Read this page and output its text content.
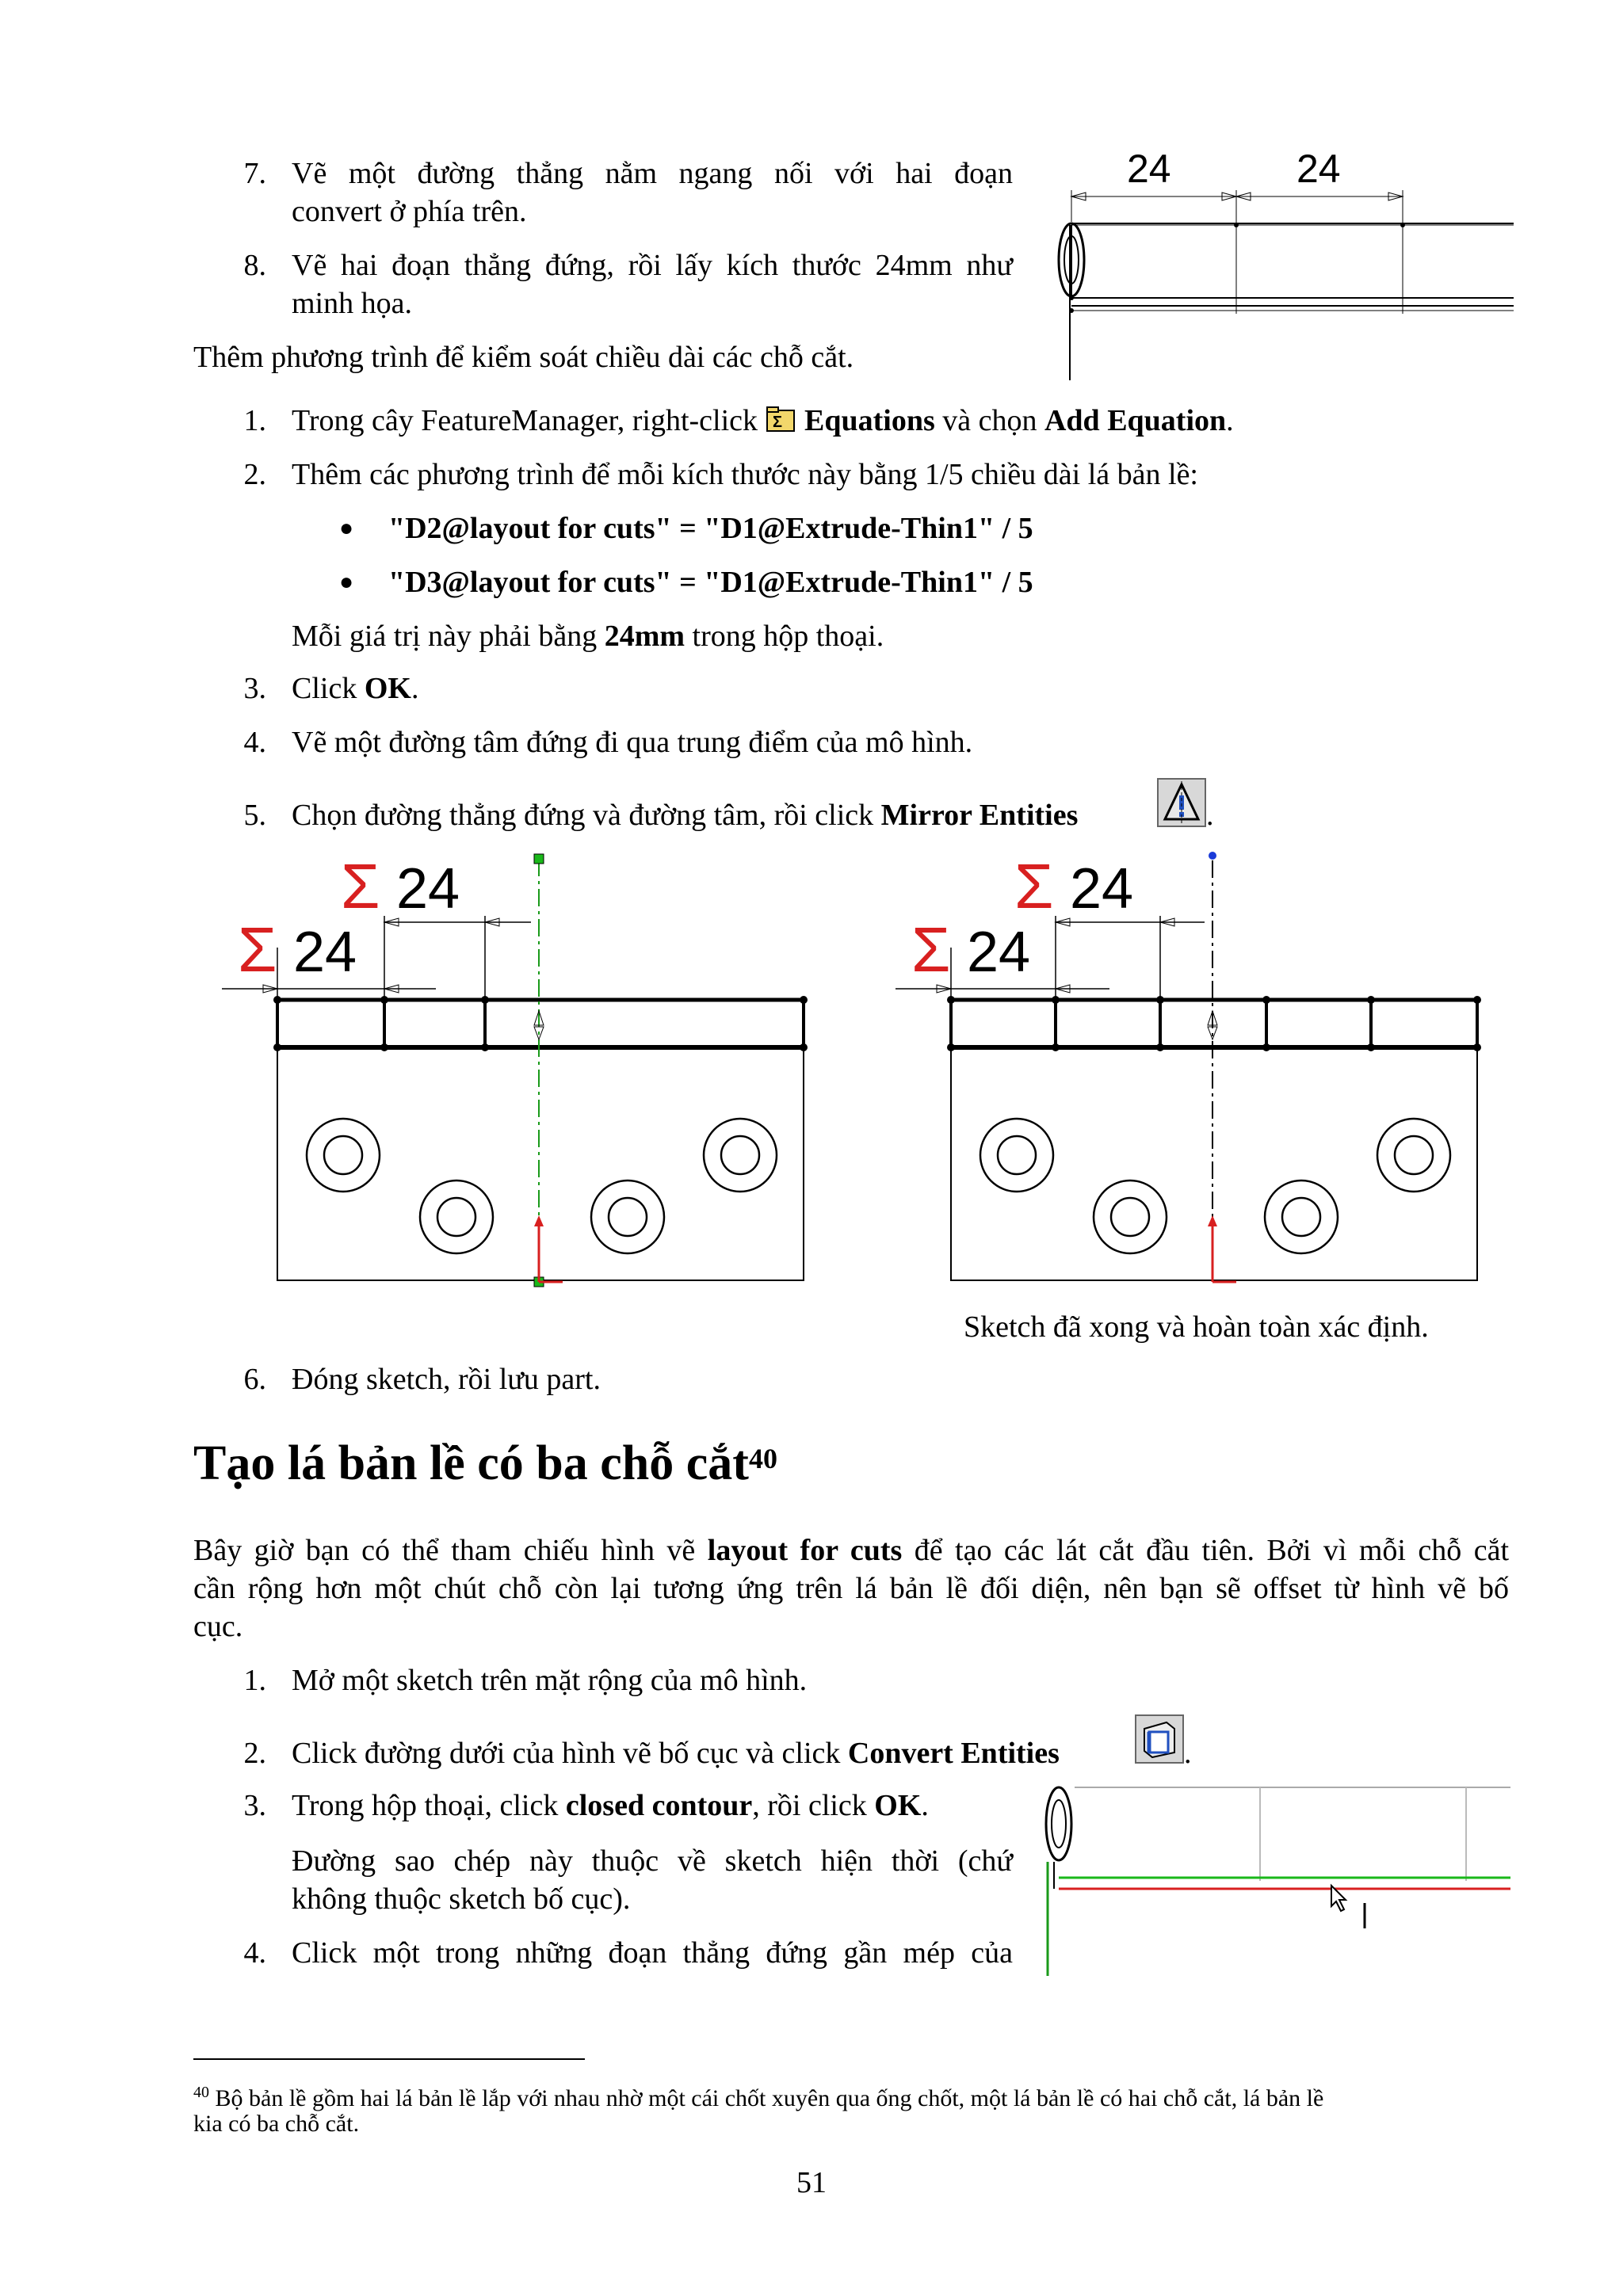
7. Vẽ một đường thẳng nằm ngang nối với hai đoạn
convert ở phía trên.
8. Vẽ hai đoạn thẳng đứng, rồi lấy kích thước 24mm như
minh họa.
24	24
Thêm phương trình để kiểm soát chiều dài các chỗ cắt.
1. Trong cây FeatureManager, right-click Σ Equations và chọn Add Equation.
2. Thêm các phương trình để mỗi kích thước này bằng 1/5 chiều dài lá bản lề:
● "D2@layout for cuts" = "D1@Extrude-Thin1" / 5
● "D3@layout for cuts" = "D1@Extrude-Thin1" / 5
Mỗi giá trị này phải bằng 24mm trong hộp thoại.
3. Click OK.
4. Vẽ một đường tâm đứng đi qua trung điểm của mô hình.
5. Chọn đường thẳng đứng và đường tâm, rồi click Mirror Entities	.
Σ 24
Σ 24
Σ 24
Σ 24
Sketch đã xong và hoàn toàn xác định.
6. Đóng sketch, rồi lưu part.
Tạo lá bản lề có ba chỗ cắt$^{40}$
Bây giờ bạn có thể tham chiếu hình vẽ layout for cuts để tạo các lát cắt đầu tiên. Bởi vì mỗi chỗ cắt
cần rộng hơn một chút chỗ còn lại tương ứng trên lá bản lề đối diện, nên bạn sẽ offset từ hình vẽ bố
cục.
1. Mở một sketch trên mặt rộng của mô hình.
2. Click đường dưới của hình vẽ bố cục và click Convert Entities	.
3. Trong hộp thoại, click closed contour, rồi click OK.
Đường sao chép này thuộc về sketch hiện thời (chứ
không thuộc sketch bố cục).
4. Click một trong những đoạn thẳng đứng gần mép của
$^{40}$ Bộ bản lề gồm hai lá bản lề lắp với nhau nhờ một cái chốt xuyên qua ống chốt, một lá bản lề có hai chỗ cắt, lá bản lề
kia có ba chỗ cắt.
51
